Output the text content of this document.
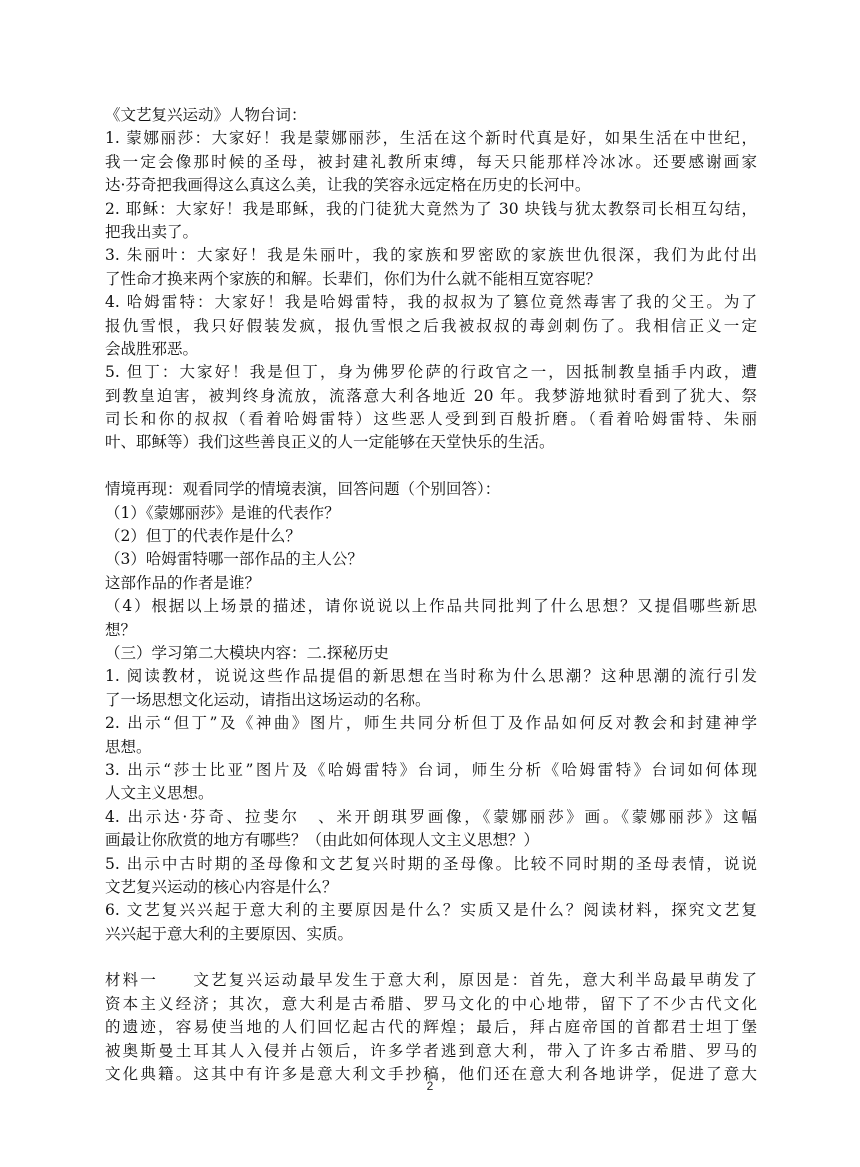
《文艺复兴运动》人物台词：
1. 蒙娜丽莎：大家好！我是蒙娜丽莎，生活在这个新时代真是好，如果生活在中世纪，
我一定会像那时候的圣母，被封建礼教所束缚，每天只能那样冷冰冰。还要感谢画家
达·芬奇把我画得这么真这么美，让我的笑容永远定格在历史的长河中。
2. 耶稣：大家好！我是耶稣，我的门徒犹大竟然为了 30 块钱与犹太教祭司长相互勾结，
把我出卖了。
3. 朱丽叶：大家好！我是朱丽叶，我的家族和罗密欧的家族世仇很深，我们为此付出
了性命才换来两个家族的和解。长辈们，你们为什么就不能相互宽容呢？
4. 哈姆雷特：大家好！我是哈姆雷特，我的叔叔为了篡位竟然毒害了我的父王。为了
报仇雪恨，我只好假装发疯，报仇雪恨之后我被叔叔的毒剑刺伤了。我相信正义一定
会战胜邪恶。
5. 但丁：大家好！我是但丁，身为佛罗伦萨的行政官之一，因抵制教皇插手内政，遭
到教皇迫害，被判终身流放，流落意大利各地近 20 年。我梦游地狱时看到了犹大、祭
司长和你的叔叔（看着哈姆雷特）这些恶人受到到百般折磨。（看着哈姆雷特、朱丽
叶、耶稣等）我们这些善良正义的人一定能够在天堂快乐的生活。
情境再现：观看同学的情境表演，回答问题（个别回答）：
（1）《蒙娜丽莎》是谁的代表作？
（2）但丁的代表作是什么？
（3）哈姆雷特哪一部作品的主人公？
这部作品的作者是谁？
（4）根据以上场景的描述，请你说说以上作品共同批判了什么思想？又提倡哪些新思
想？
（三）学习第二大模块内容：二.探秘历史
1. 阅读教材，说说这些作品提倡的新思想在当时称为什么思潮？这种思潮的流行引发
了一场思想文化运动，请指出这场运动的名称。
2. 出示“但丁”及《神曲》图片，师生共同分析但丁及作品如何反对教会和封建神学
思想。
3. 出示“莎士比亚”图片及《哈姆雷特》台词，师生分析《哈姆雷特》台词如何体现
人文主义思想。
4. 出示达·芬奇、拉斐尔　、米开朗琪罗画像，《蒙娜丽莎》画。《蒙娜丽莎》这幅
画最让你欣赏的地方有哪些？（由此如何体现人文主义思想？）
5. 出示中古时期的圣母像和文艺复兴时期的圣母像。比较不同时期的圣母表情，说说
文艺复兴运动的核心内容是什么？
6. 文艺复兴兴起于意大利的主要原因是什么？实质又是什么？阅读材料，探究文艺复
兴兴起于意大利的主要原因、实质。
材料一　　文艺复兴运动最早发生于意大利，原因是：首先，意大利半岛最早萌发了
资本主义经济；其次，意大利是古希腊、罗马文化的中心地带，留下了不少古代文化
的遗迹，容易使当地的人们回忆起古代的辉煌；最后，拜占庭帝国的首都君士坦丁堡
被奥斯曼土耳其人入侵并占领后，许多学者逃到意大利，带入了许多古希腊、罗马的
文化典籍。这其中有许多是意大利文手抄稿，他们还在意大利各地讲学，促进了意大
2
